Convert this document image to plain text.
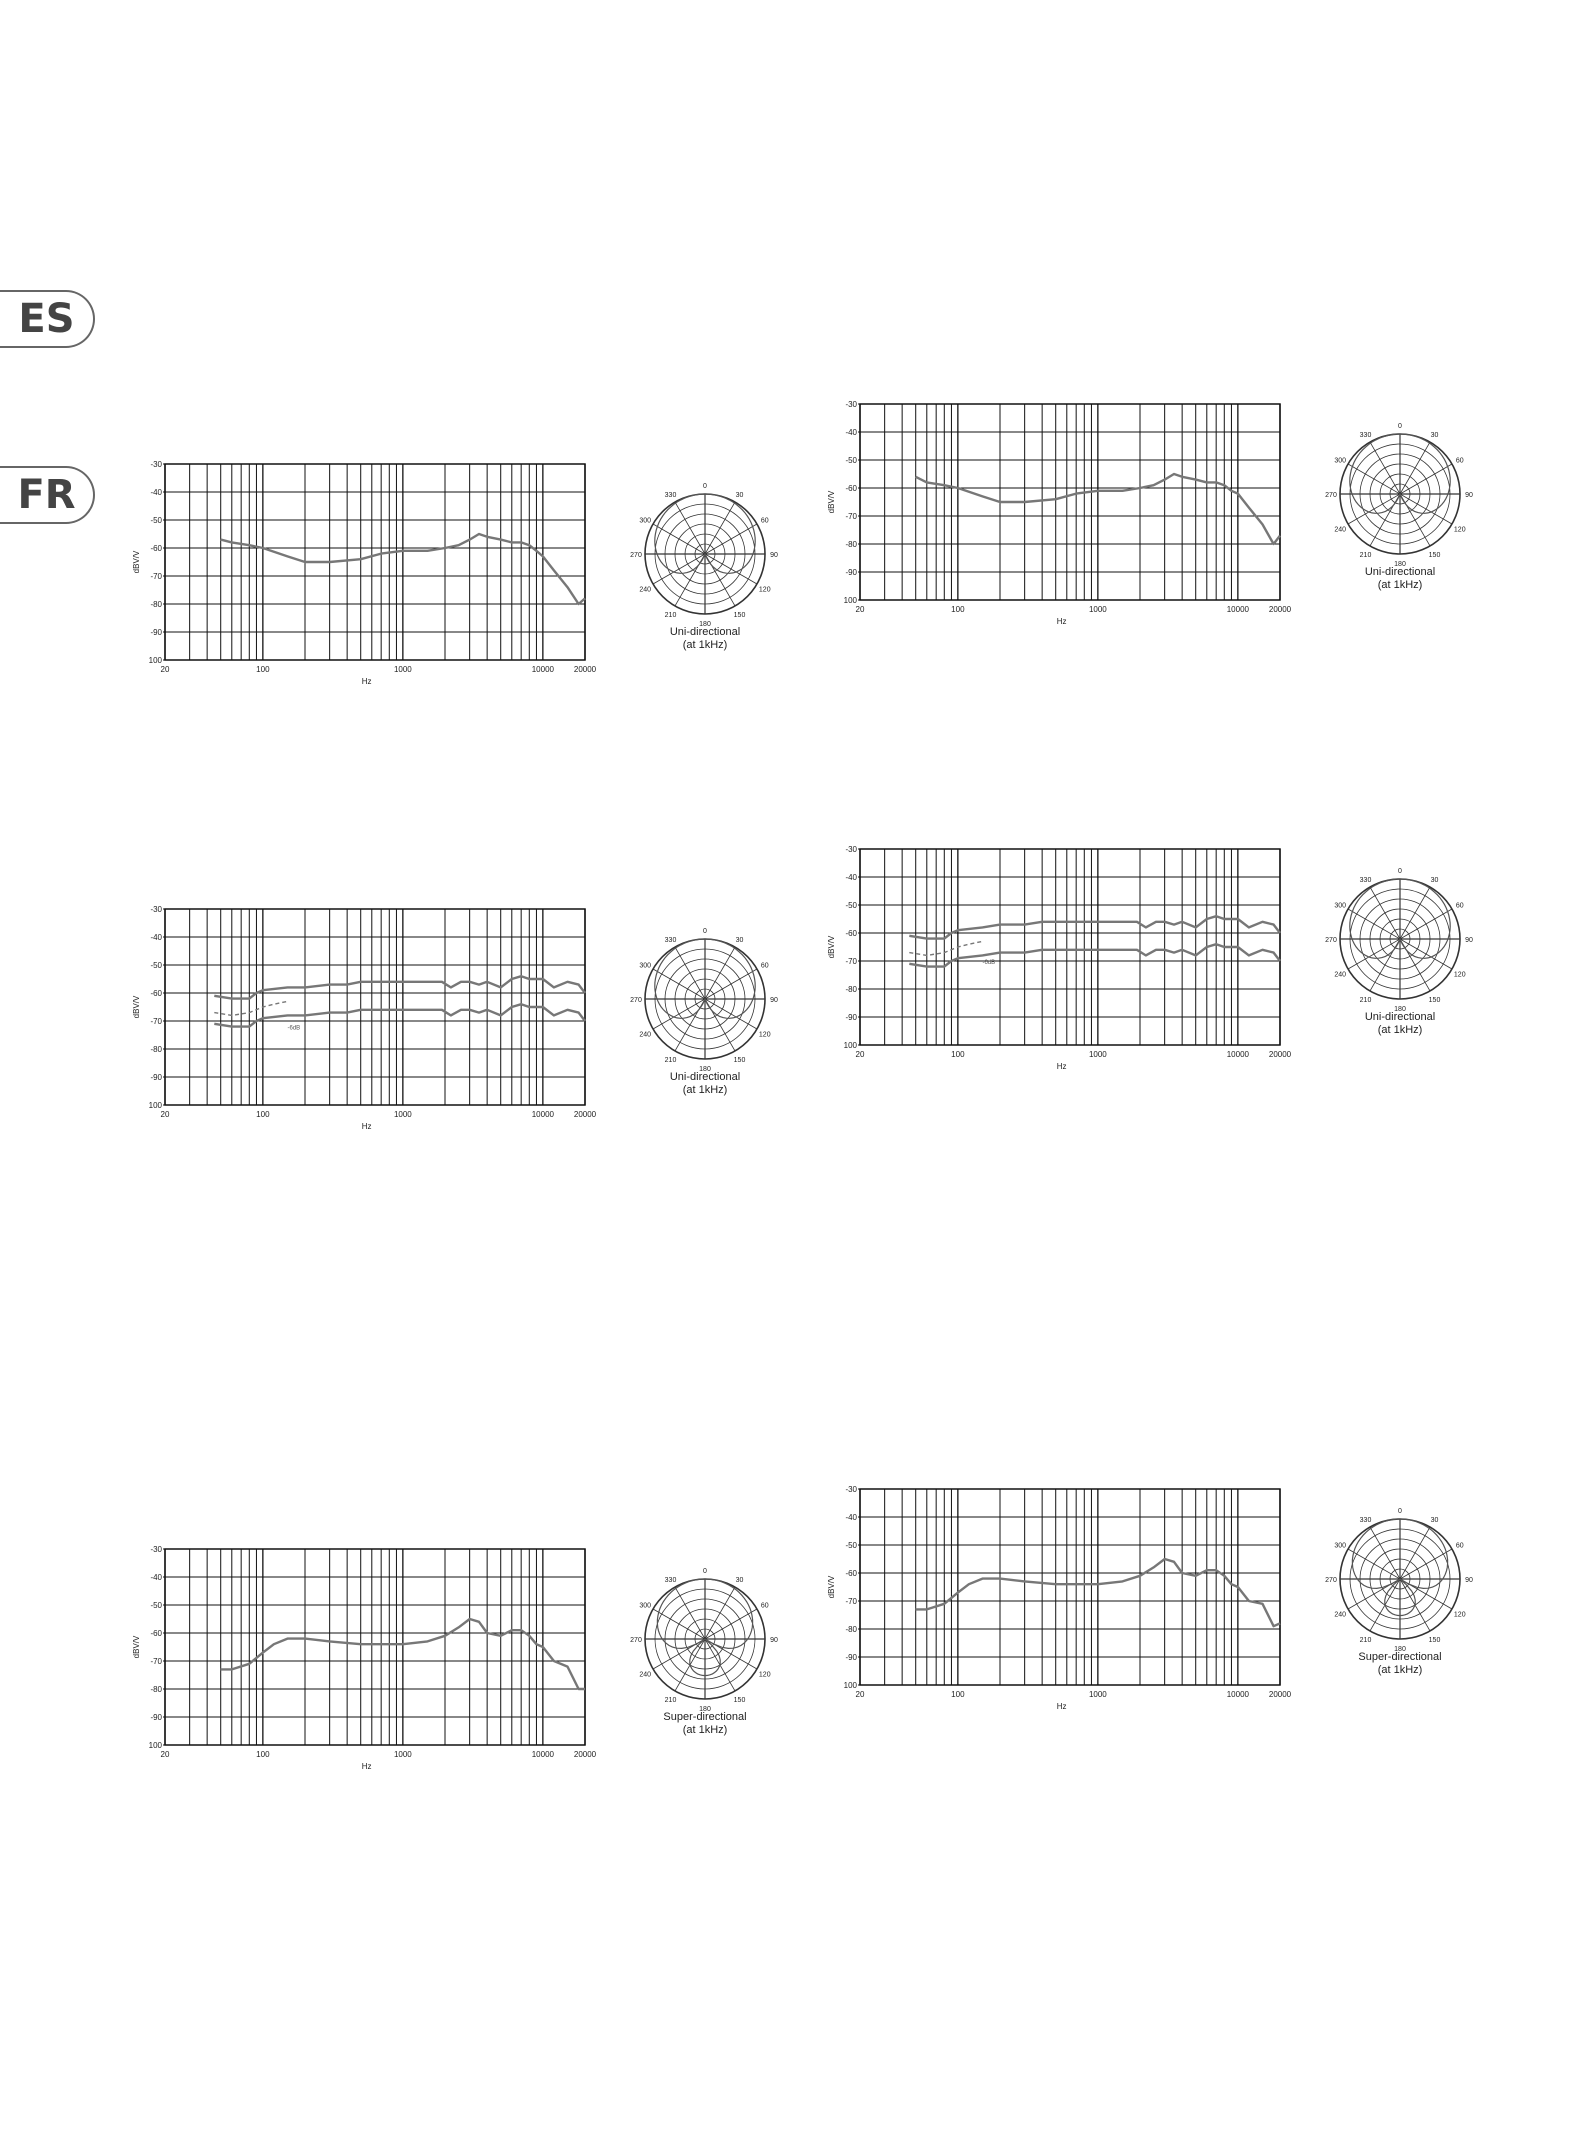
ES
FR
-30
-40
-50
-60
-70
-80
-90
100
20	100	1000	10000 20000
Hz
dBV/V
0
30
60
90
120
150
180
210
240
270
300
330
Uni-directional
(at 1kHz)
-30
-40
-50
-60
-70
-80
-90
100
20	100	1000	10000 20000
Hz
dBV/V
0
30
60
90
120
150
180
210
240
270
300
330
Uni-directional
(at 1kHz)
-30
-40
-50
-60
-70
-80
-90
100
20	100	1000	10000 20000
Hz
dBV/V
-6dB
0
30
60
90
120
150
180
210
240
270
300
330
Uni-directional
(at 1kHz)
-30
-40
-50
-60
-70
-80
-90
100
20	100	1000	10000 20000
Hz
dBV/V
-6dB
0
30
60
90
120
150
180
210
240
270
300
330
Uni-directional
(at 1kHz)
-30
-40
-50
-60
-70
-80
-90
100
20	100	1000	10000 20000
Hz
dBV/V
0
30
60
90
120
150
180
210
240
270
300
330
Super-directional
(at 1kHz)
-30
-40
-50
-60
-70
-80
-90
100
20	100	1000	10000 20000
Hz
dBV/V
0
30
60
90
120
150
180
210
240
270
300
330
Super-directional
(at 1kHz)
